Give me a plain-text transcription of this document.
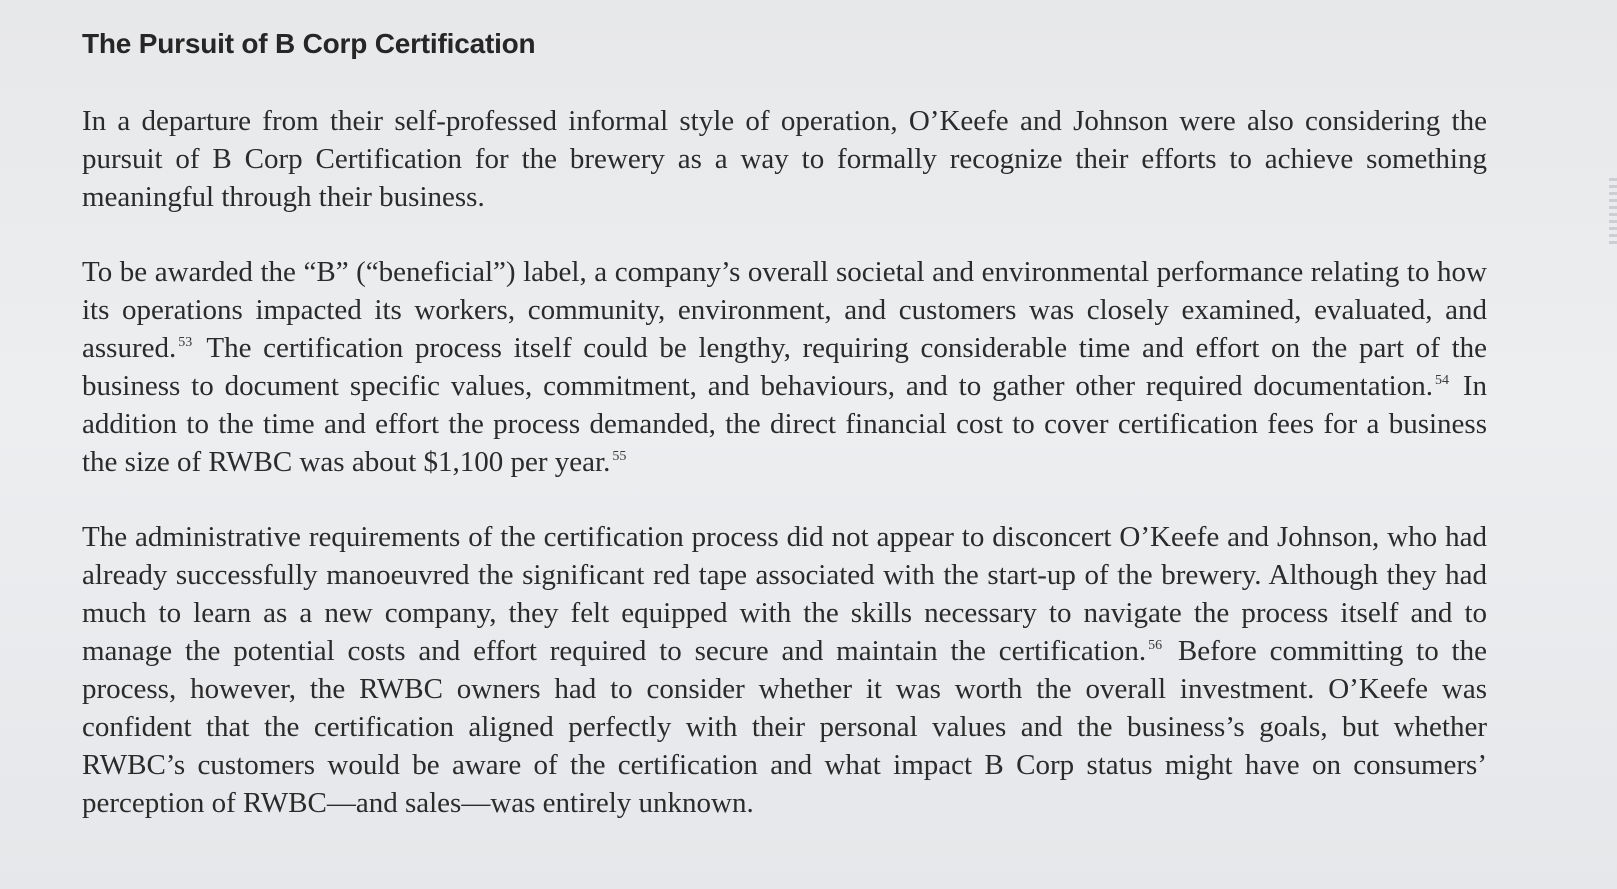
The Pursuit of B Corp Certification

In a departure from their self-professed informal style of operation, O’Keefe and Johnson were also considering the pursuit of B Corp Certification for the brewery as a way to formally recognize their efforts to achieve something meaningful through their business.

To be awarded the “B” (“beneficial”) label, a company’s overall societal and environmental performance relating to how its operations impacted its workers, community, environment, and customers was closely examined, evaluated, and assured. $^{53}$ The certification process itself could be lengthy, requiring considerable time and effort on the part of the business to document specific values, commitment, and behaviours, and to gather other required documentation. $^{54}$ In addition to the time and effort the process demanded, the direct financial cost to cover certification fees for a business the size of RWBC was about $1,100 per year. $^{55}$

The administrative requirements of the certification process did not appear to disconcert O’Keefe and Johnson, who had already successfully manoeuvred the significant red tape associated with the start-up of the brewery. Although they had much to learn as a new company, they felt equipped with the skills necessary to navigate the process itself and to manage the potential costs and effort required to secure and maintain the certification. $^{56}$ Before committing to the process, however, the RWBC owners had to consider whether it was worth the overall investment. O’Keefe was confident that the certification aligned perfectly with their personal values and the business’s goals, but whether RWBC’s customers would be aware of the certification and what impact B Corp status might have on consumers’ perception of RWBC—and sales—was entirely unknown.
